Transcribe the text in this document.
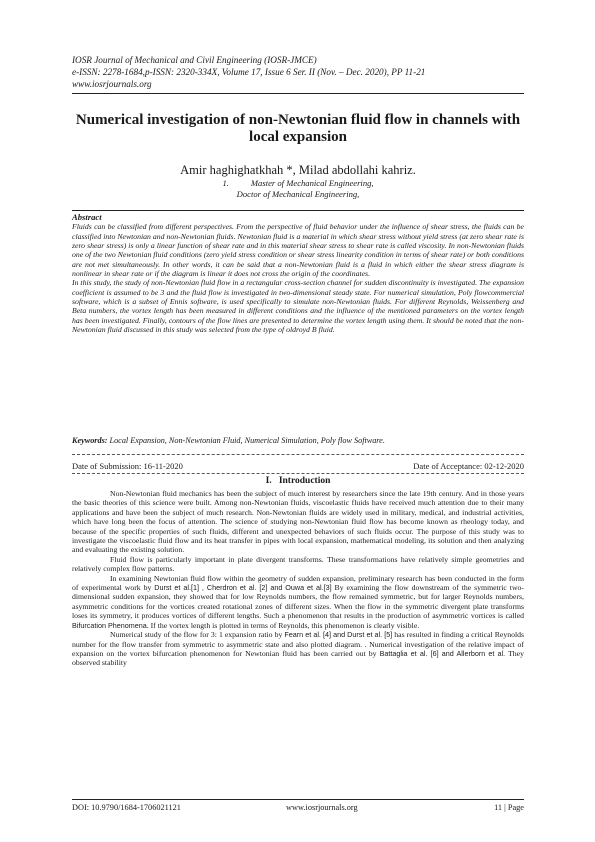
IOSR Journal of Mechanical and Civil Engineering (IOSR-JMCE)
e-ISSN: 2278-1684,p-ISSN: 2320-334X, Volume 17, Issue 6 Ser. II (Nov. – Dec. 2020), PP 11-21
www.iosrjournals.org
Numerical investigation of non-Newtonian fluid flow in channels with local expansion
Amir haghighatkhah *, Milad abdollahi kahriz.
1.	Master of Mechanical Engineering,
Doctor of Mechanical Engineering,
Abstract

Fluids can be classified from different perspectives. From the perspective of fluid behavior under the influence of shear stress, the fluids can be classified into Newtonian and non-Newtonian fluids. Newtonian fluid is a material in which shear stress without yield stress (at zero shear rate is zero shear stress) is only a linear function of shear rate and in this material shear stress to shear rate is called viscosity. In non-Newtonian fluids one of the two Newtonian fluid conditions (zero yield stress condition or shear stress linearity condition in terms of shear rate) or both conditions are not met simultaneously. In other words, it can be said that a non-Newtonian fluid is a fluid in which either the shear stress diagram is nonlinear in shear rate or if the diagram is linear it does not cross the origin of the coordinates.

In this study, the study of non-Newtonian fluid flow in a rectangular cross-section channel for sudden discontinuity is investigated. The expansion coefficient is assumed to be 3 and the fluid flow is investigated in two-dimensional steady state. For numerical simulation, Poly flowcommercial software, which is a subset of Ennis software, is used specifically to simulate non-Newtonian fluids. For different Reynolds, Weissenberg and Beta numbers, the vortex length has been measured in different conditions and the influence of the mentioned parameters on the vortex length has been investigated. Finally, contours of the flow lines are presented to determine the vortex length using them. It should be noted that the non-Newtonian fluid discussed in this study was selected from the type of oldroyd B fluid.

Keywords: Local Expansion, Non-Newtonian Fluid, Numerical Simulation, Poly flow Software.
Date of Submission: 16-11-2020	Date of Acceptance: 02-12-2020
I. Introduction

Non-Newtonian fluid mechanics has been the subject of much interest by researchers since the late 19th century. And in those years the basic theories of this science were built. Among non-Newtonian fluids, viscoelastic fluids have received much attention due to their many applications and have been the subject of much research. Non-Newtonian fluids are widely used in military, medical, and industrial activities, which have long been the focus of attention. The science of studying non-Newtonian fluid flow has become known as rheology today, and because of the specific properties of such fluids, different and unexpected behaviors of such fluids occur. The purpose of this study was to investigate the viscoelastic fluid flow and its heat transfer in pipes with local expansion, mathematical modeling, its solution and then analyzing and evaluating the existing solution.

Fluid flow is particularly important in plate divergent transforms. These transformations have relatively simple geometries and relatively complex flow patterns.

In examining Newtonian fluid flow within the geometry of sudden expansion, preliminary research has been conducted in the form of experimental work by Durst et al.[1] , Cherdron et al. [2] and Ouwa et al.[3] By examining the flow downstream of the symmetric two-dimensional sudden expansion, they showed that for low Reynolds numbers, the flow remained symmetric, but for larger Reynolds numbers, asymmetric conditions for the vortices created rotational zones of different sizes. When the flow in the symmetric divergent plate transforms loses its symmetry, it produces vortices of different lengths. Such a phenomenon that results in the production of asymmetric vortices is called Bifurcation Phenomena. If the vortex length is plotted in terms of Reynolds, this phenomenon is clearly visible.

Numerical study of the flow for 3: 1 expansion ratio by Fearn et al. [4] and Durst et al. [5] has resulted in finding a critical Reynolds number for the flow transfer from symmetric to asymmetric state and also plotted diagram. . Numerical investigation of the relative impact of expansion on the vortex bifurcation phenomenon for Newtonian fluid has been carried out by Battaglia et al. [6] and Allerborn et al. They observed stability

DOI: 10.9790/1684-1706021121	www.iosrjournals.org	11 | Page
